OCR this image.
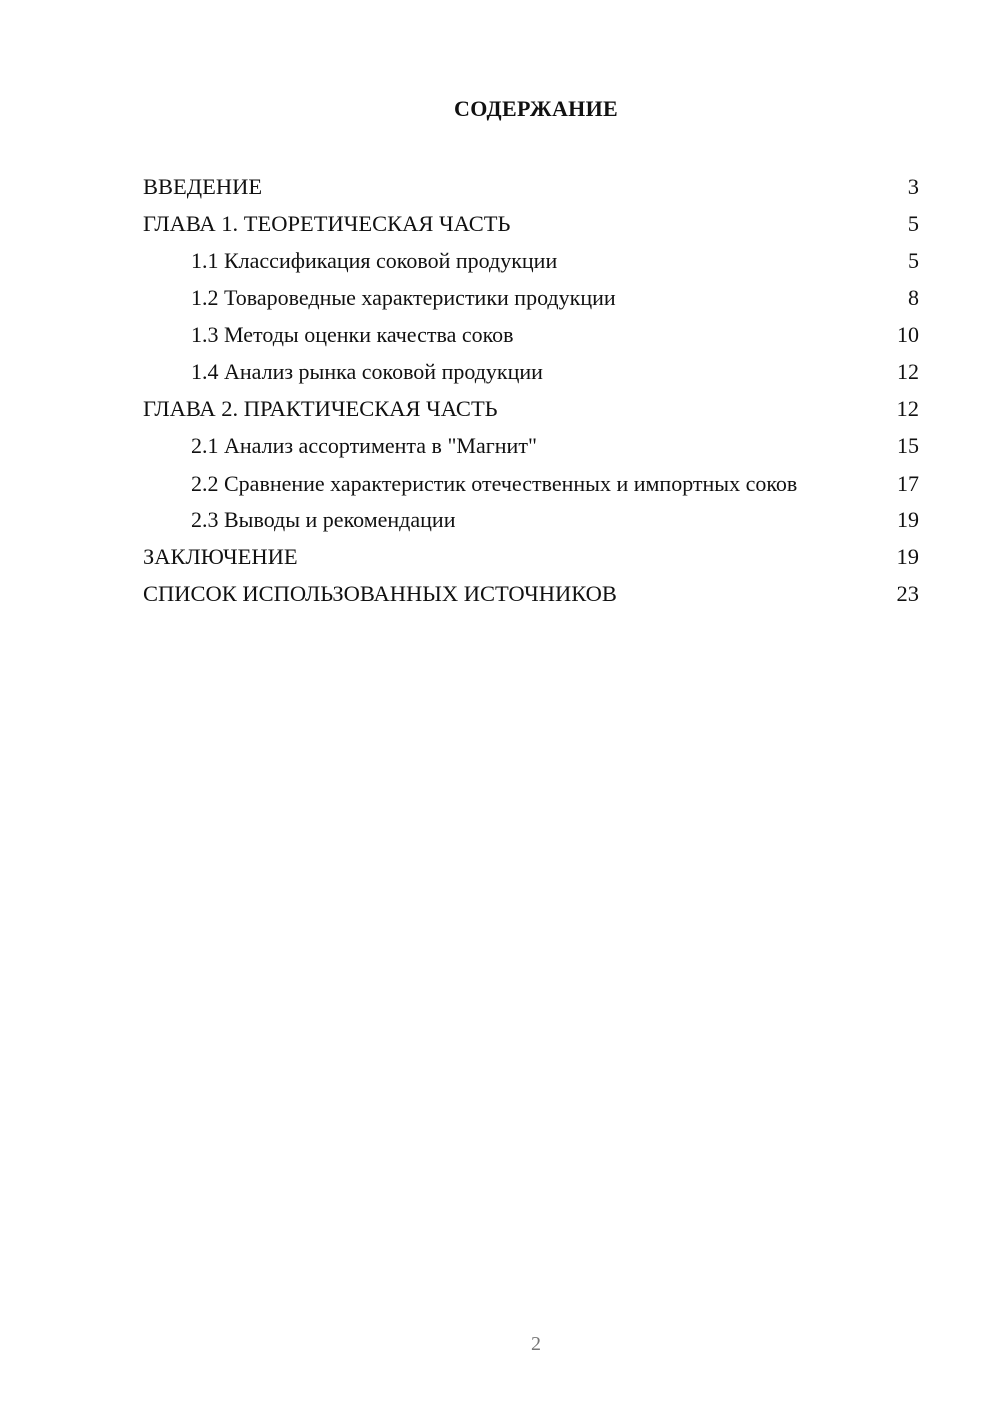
СОДЕРЖАНИЕ
ВВЕДЕНИЕ	3
ГЛАВА 1. ТЕОРЕТИЧЕСКАЯ ЧАСТЬ	5
1.1 Классификация соковой продукции	5
1.2 Товароведные характеристики продукции	8
1.3 Методы оценки качества соков	10
1.4 Анализ рынка соковой продукции	12
ГЛАВА 2. ПРАКТИЧЕСКАЯ ЧАСТЬ	12
2.1 Анализ ассортимента в "Магнит"	15
2.2 Сравнение характеристик отечественных и импортных соков	17
2.3 Выводы и рекомендации	19
ЗАКЛЮЧЕНИЕ	19
СПИСОК ИСПОЛЬЗОВАННЫХ ИСТОЧНИКОВ	23
2
